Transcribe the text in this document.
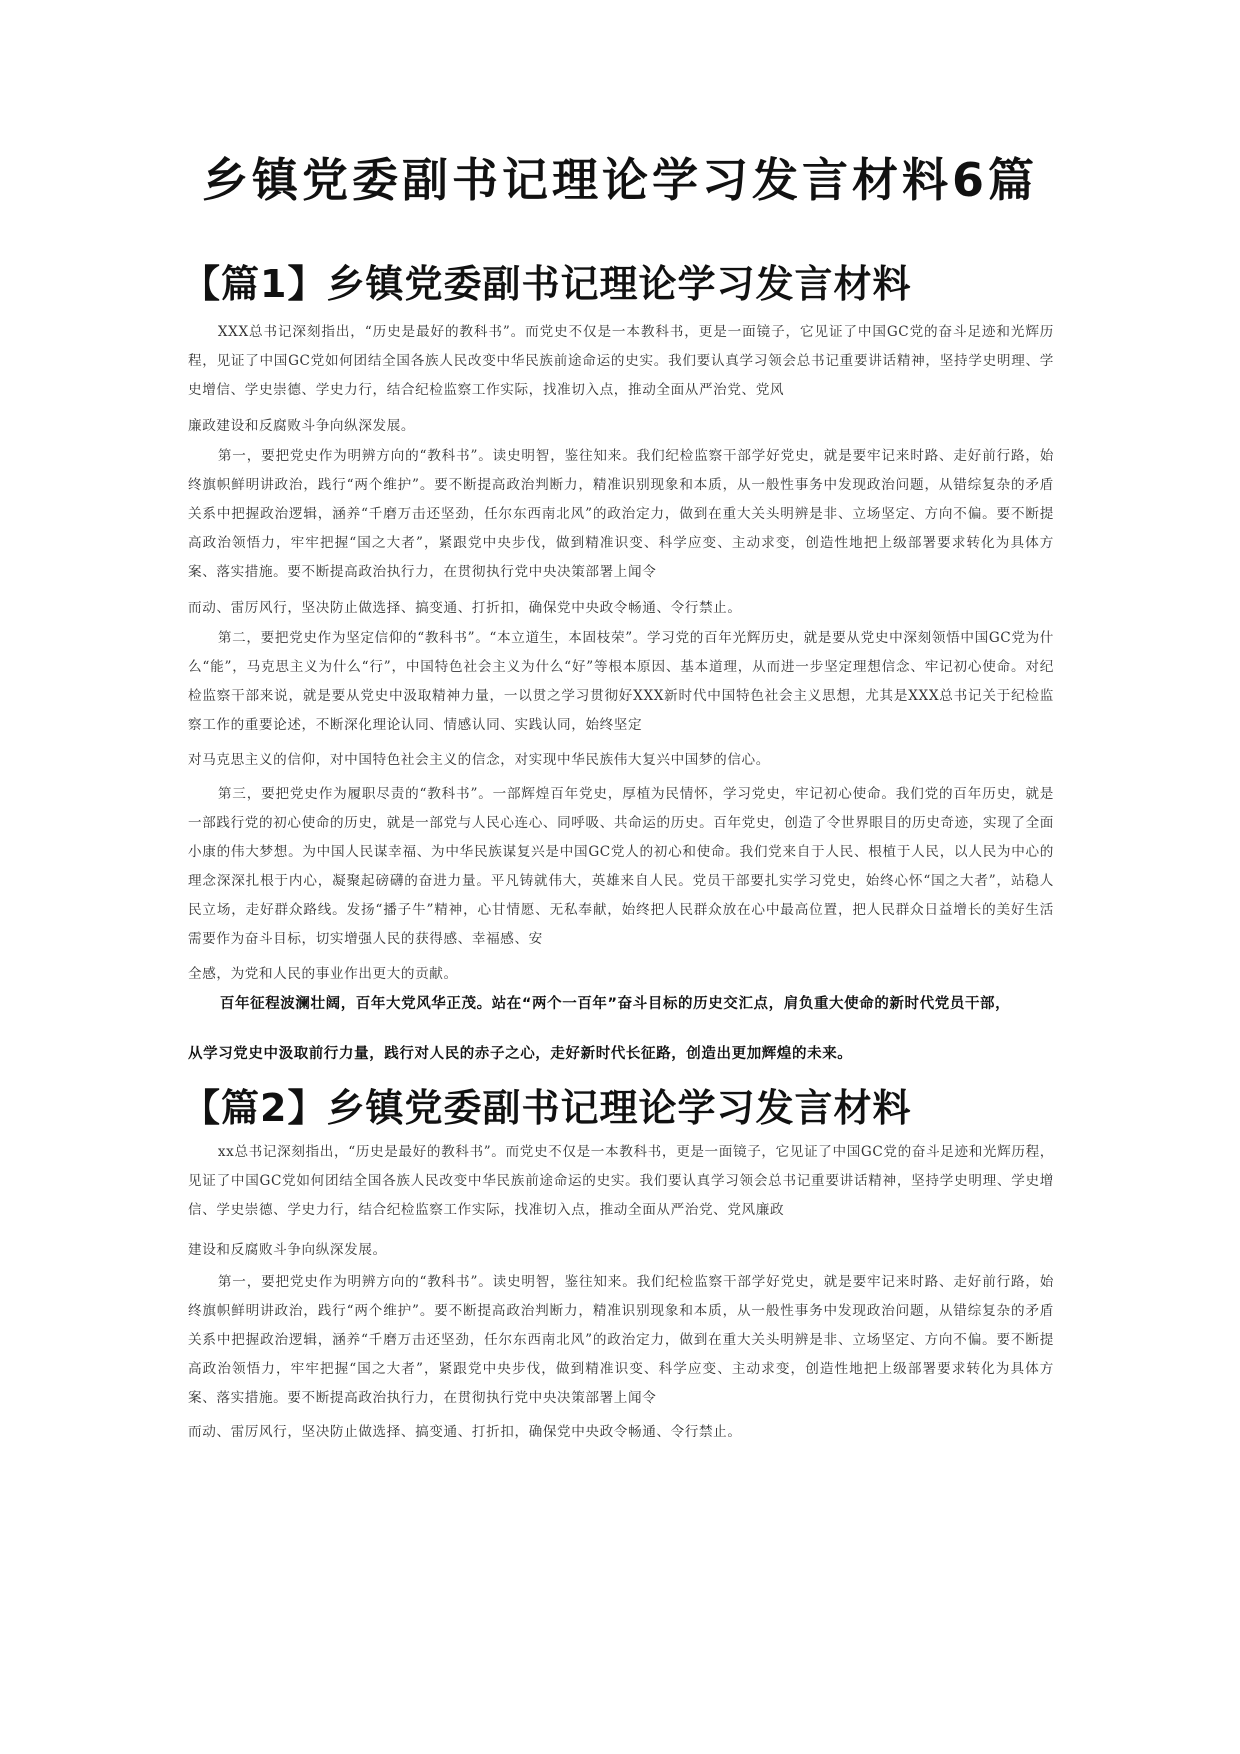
乡镇党委副书记理论学习发言材料6篇
【篇1】乡镇党委副书记理论学习发言材料
XXX总书记深刻指出，“历史是最好的教科书”。而党史不仅是一本教科书，更是一面镜子，它见证了中国GC党的奋斗足迹和光辉历程，见证了中国GC党如何团结全国各族人民改变中华民族前途命运的史实。我们要认真学习领会总书记重要讲话精神，坚持学史明理、学史增信、学史崇德、学史力行，结合纪检监察工作实际，找准切入点，推动全面从严治党、党风
廉政建设和反腐败斗争向纵深发展。
第一，要把党史作为明辨方向的“教科书”。读史明智，鉴往知来。我们纪检监察干部学好党史，就是要牢记来时路、走好前行路，始终旗帜鲜明讲政治，践行“两个维护”。要不断提高政治判断力，精准识别现象和本质，从一般性事务中发现政治问题，从错综复杂的矛盾关系中把握政治逻辑，涵养“千磨万击还坚劲，任尔东西南北风”的政治定力，做到在重大关头明辨是非、立场坚定、方向不偏。要不断提高政治领悟力，牢牢把握“国之大者”，紧跟党中央步伐，做到精准识变、科学应变、主动求变，创造性地把上级部署要求转化为具体方案、落实措施。要不断提高政治执行力，在贯彻执行党中央决策部署上闻令
而动、雷厉风行，坚决防止做选择、搞变通、打折扣，确保党中央政令畅通、令行禁止。
第二，要把党史作为坚定信仰的“教科书”。“本立道生，本固枝荣”。学习党的百年光辉历史，就是要从党史中深刻领悟中国GC党为什么“能”，马克思主义为什么“行”，中国特色社会主义为什么“好”等根本原因、基本道理，从而进一步坚定理想信念、牢记初心使命。对纪检监察干部来说，就是要从党史中汲取精神力量，一以贯之学习贯彻好XXX新时代中国特色社会主义思想，尤其是XXX总书记关于纪检监察工作的重要论述，不断深化理论认同、情感认同、实践认同，始终坚定
对马克思主义的信仰，对中国特色社会主义的信念，对实现中华民族伟大复兴中国梦的信心。
第三，要把党史作为履职尽责的“教科书”。一部辉煌百年党史，厚植为民情怀，学习党史，牢记初心使命。我们党的百年历史，就是一部践行党的初心使命的历史，就是一部党与人民心连心、同呼吸、共命运的历史。百年党史，创造了令世界眼目的历史奇迹，实现了全面小康的伟大梦想。为中国人民谋幸福、为中华民族谋复兴是中国GC党人的初心和使命。我们党来自于人民、根植于人民，以人民为中心的理念深深扎根于内心，凝聚起磅礴的奋进力量。平凡铸就伟大，英雄来自人民。党员干部要扎实学习党史，始终心怀“国之大者”，站稳人民立场，走好群众路线。发扬“播子牛”精神，心甘情愿、无私奉献，始终把人民群众放在心中最高位置，把人民群众日益增长的美好生活需要作为奋斗目标，切实增强人民的获得感、幸福感、安
全感，为党和人民的事业作出更大的贡献。
百年征程波澜壮阔，百年大党风华正茂。站在“两个一百年”奋斗目标的历史交汇点，肩负重大使命的新时代党员干部，
从学习党史中汲取前行力量，践行对人民的赤子之心，走好新时代长征路，创造出更加辉煌的未来。
【篇2】乡镇党委副书记理论学习发言材料
xx总书记深刻指出，“历史是最好的教科书”。而党史不仅是一本教科书，更是一面镜子，它见证了中国GC党的奋斗足迹和光辉历程，见证了中国GC党如何团结全国各族人民改变中华民族前途命运的史实。我们要认真学习领会总书记重要讲话精神，坚持学史明理、学史增信、学史崇德、学史力行，结合纪检监察工作实际，找准切入点，推动全面从严治党、党风廉政
建设和反腐败斗争向纵深发展。
第一，要把党史作为明辨方向的“教科书”。读史明智，鉴往知来。我们纪检监察干部学好党史，就是要牢记来时路、走好前行路，始终旗帜鲜明讲政治，践行“两个维护”。要不断提高政治判断力，精准识别现象和本质，从一般性事务中发现政治问题，从错综复杂的矛盾关系中把握政治逻辑，涵养“千磨万击还坚劲，任尔东西南北风”的政治定力，做到在重大关头明辨是非、立场坚定、方向不偏。要不断提高政治领悟力，牢牢把握“国之大者”，紧跟党中央步伐，做到精准识变、科学应变、主动求变，创造性地把上级部署要求转化为具体方案、落实措施。要不断提高政治执行力，在贯彻执行党中央决策部署上闻令
而动、雷厉风行，坚决防止做选择、搞变通、打折扣，确保党中央政令畅通、令行禁止。
